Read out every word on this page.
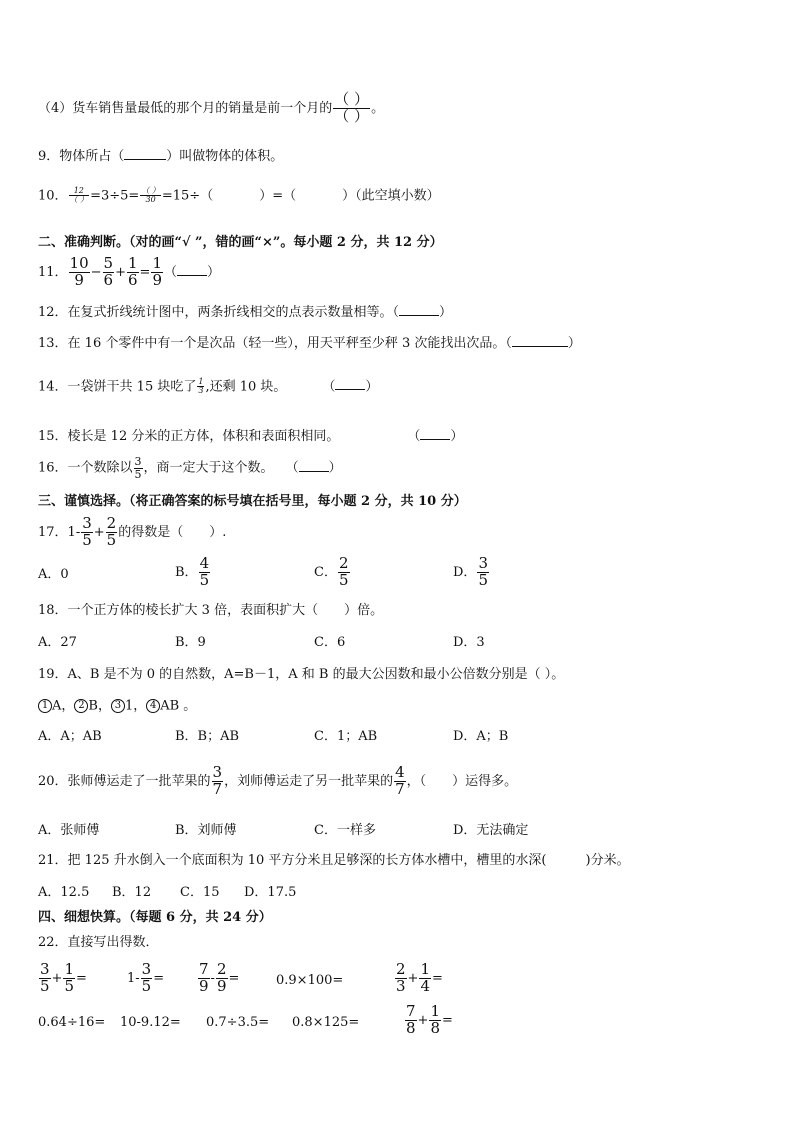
（4）货车销售量最低的那个月的销量是前一个月的
（ ）
（ ） 。
9．物体所占（	）叫做物体的体积。
10． 12
（ ） =3÷5= （ ）
30 =15÷（	）=（	）（此空填小数）
二、准确判断。（对的画“√ ”，错的画“×”。每小题 2 分，共 12 分）
11． $\frac{10}{9} - \frac{5}{6} + \frac{1}{6} = \frac{1}{9}$ （ ）
12．在复式折线统计图中，两条折线相交的点表示数量相等。（	）
13．在 16 个零件中有一个是次品（轻一些），用天平秤至少秤 3 次能找出次品。（	）
14．一袋饼干共 15 块吃了 $\frac{1}{3}$ ,还剩 10 块。	（ ）
15．棱长是 12 分米的正方体，体积和表面积相同。	（ ）
16．一个数除以 $\frac{3}{5}$ ，商一定大于这个数。 （ ）
三、谨慎选择。（将正确答案的标号填在括号里，每小题 2 分，共 10 分）
17．$1- \frac{3}{5} + \frac{2}{5}$ 的得数是（　　）.
A．0	B． $\frac{4}{5}$	C． $\frac{2}{5}$	D． $\frac{3}{5}$
18．一个正方体的棱长扩大 3 倍，表面积扩大（　　）倍。
A．27	B．9	C．6	D．3
19．A、B 是不为 0 的自然数，A=B－1，A 和 B 的最大公因数和最小公倍数分别是（ ）。
1 A， 2 B， 3 1， 4 AB 。
A．A；AB	B．B；AB	C．1；AB	D．A；B
20．张师傅运走了一批苹果的 $\frac{3}{7}$ ，刘师傅运走了另一批苹果的 $\frac{4}{7}$ ，（　　）运得多。
A．张师傅	B．刘师傅	C．一样多	D．无法确定
21．把 125 升水倒入一个底面积为 10 平方分米且足够深的长方体水槽中，槽里的水深(　　　)分米。
A．12.5 B．12 C．15 D．17.5
四、细想快算。（每题 6 分，共 24 分）
22．直接写出得数．
$\frac{3}{5} + \frac{1}{5}$ =	$1- \frac{3}{5} = \frac{7}{9} - \frac{2}{9}$ =	0.9×100=	$\frac{2}{3} + \frac{1}{4}$ =
0.64÷16= 10-9.12= 0.7÷3.5= 0.8×125=	$\frac{7}{8} + \frac{1}{8}$ =
